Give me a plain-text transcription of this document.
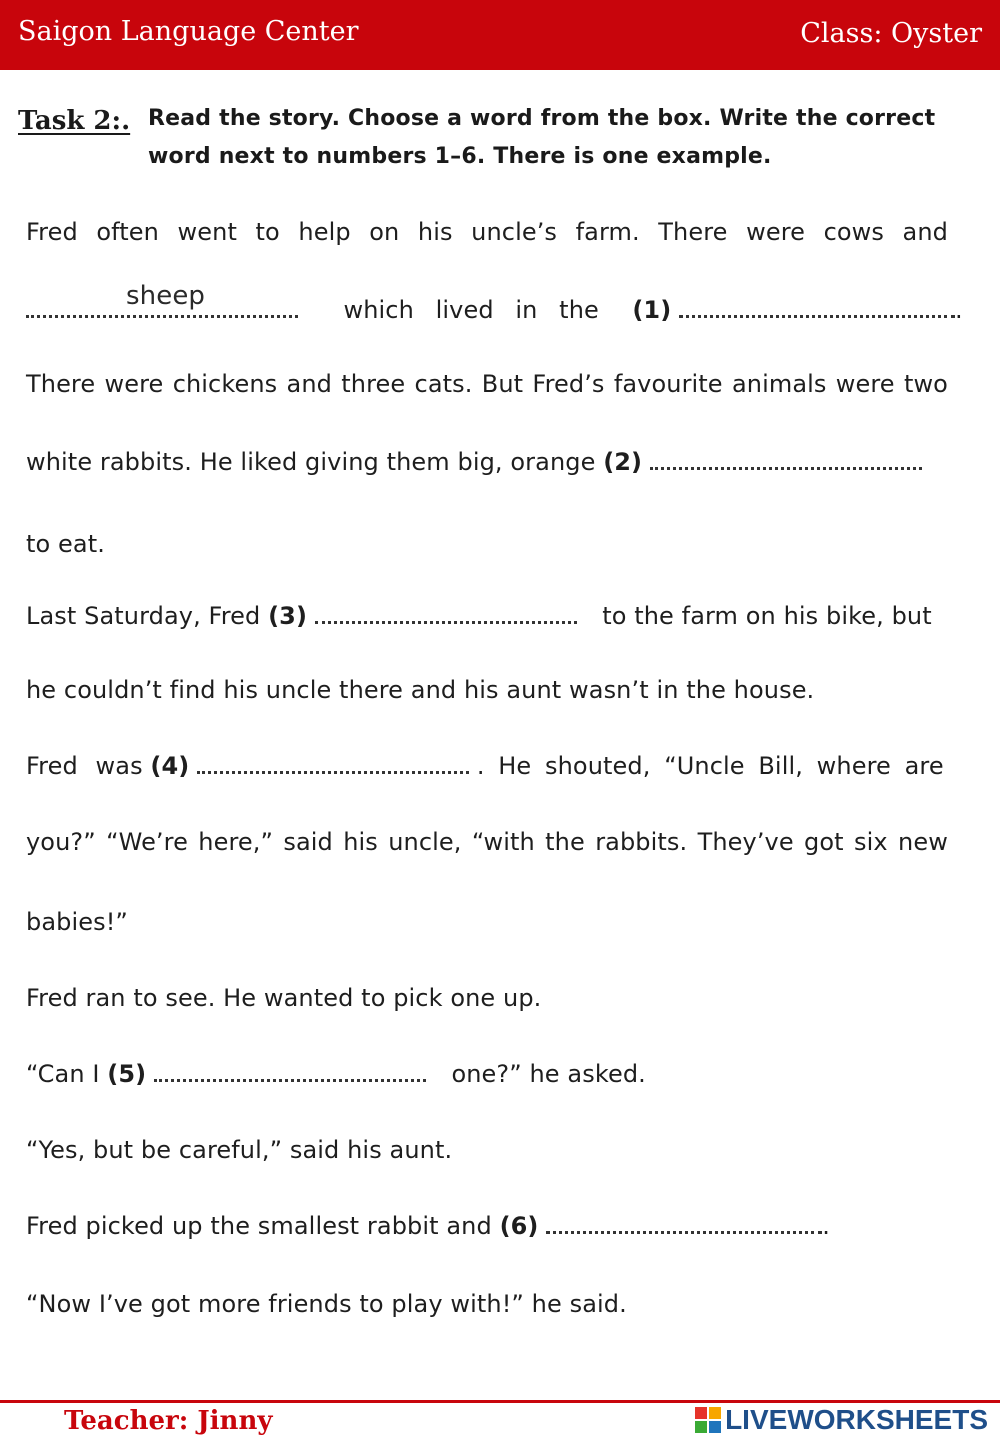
Saigon Language Center	Class: Oyster
Task 2:. Read the story. Choose a word from the box. Write the correct word next to numbers 1–6. There is one example.
Fred often went to help on his uncle’s farm. There were cows and
sheep	which lived in the (1)	.
There were chickens and three cats. But Fred’s favourite animals were two
white rabbits. He liked giving them big, orange (2)
to eat.
Last Saturday, Fred (3)	to the farm on his bike, but
he couldn’t find his uncle there and his aunt wasn’t in the house.
Fred was (4)	. He shouted, “Uncle Bill, where are
you?” “We’re here,” said his uncle, “with the rabbits. They’ve got six new
babies!”
Fred ran to see. He wanted to pick one up.
“Can I (5)	one?” he asked.
“Yes, but be careful,” said his aunt.
Fred picked up the smallest rabbit and (6)	.
“Now I’ve got more friends to play with!” he said.
Teacher: Jinny	LIVEWORKSHEETS
